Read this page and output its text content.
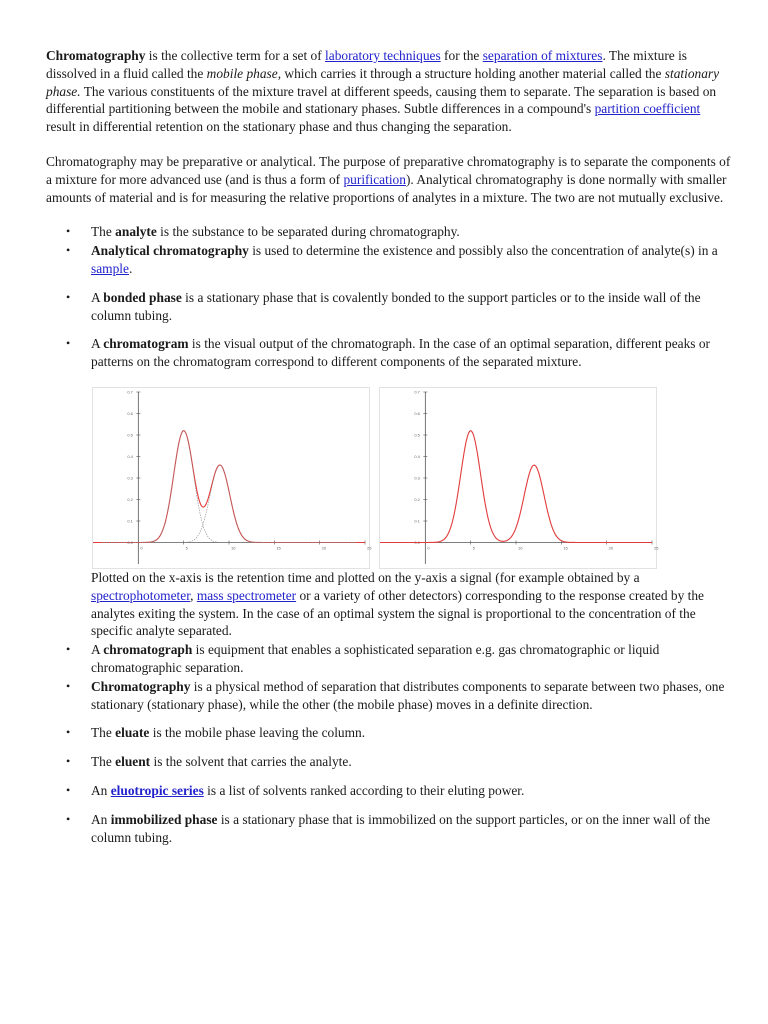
Chromatography is the collective term for a set of laboratory techniques for the separation of mixtures. The mixture is dissolved in a fluid called the mobile phase, which carries it through a structure holding another material called the stationary phase. The various constituents of the mixture travel at different speeds, causing them to separate. The separation is based on differential partitioning between the mobile and stationary phases. Subtle differences in a compound's partition coefficient result in differential retention on the stationary phase and thus changing the separation.

Chromatography may be preparative or analytical. The purpose of preparative chromatography is to separate the components of a mixture for more advanced use (and is thus a form of purification). Analytical chromatography is done normally with smaller amounts of material and is for measuring the relative proportions of analytes in a mixture. The two are not mutually exclusive.

• The analyte is the substance to be separated during chromatography.
• Analytical chromatography is used to determine the existence and possibly also the concentration of analyte(s) in a sample.
• A bonded phase is a stationary phase that is covalently bonded to the support particles or to the inside wall of the column tubing.
• A chromatogram is the visual output of the chromatograph. In the case of an optimal separation, different peaks or patterns on the chromatogram correspond to different components of the separated mixture.
0	5	10	15	20	25
0.0
0.1
0.2
0.3
0.4
0.5
0.6
0.7
0	5	10	15	20	25
0.0
0.1
0.2
0.3
0.4
0.5
0.6
0.7

Plotted on the x-axis is the retention time and plotted on the y-axis a signal (for example obtained by a spectrophotometer, mass spectrometer or a variety of other detectors) corresponding to the response created by the analytes exiting the system. In the case of an optimal system the signal is proportional to the concentration of the specific analyte separated.

• A chromatograph is equipment that enables a sophisticated separation e.g. gas chromatographic or liquid chromatographic separation.
• Chromatography is a physical method of separation that distributes components to separate between two phases, one stationary (stationary phase), while the other (the mobile phase) moves in a definite direction.
• The eluate is the mobile phase leaving the column.
• The eluent is the solvent that carries the analyte.
• An eluotropic series is a list of solvents ranked according to their eluting power.
• An immobilized phase is a stationary phase that is immobilized on the support particles, or on the inner wall of the column tubing.
